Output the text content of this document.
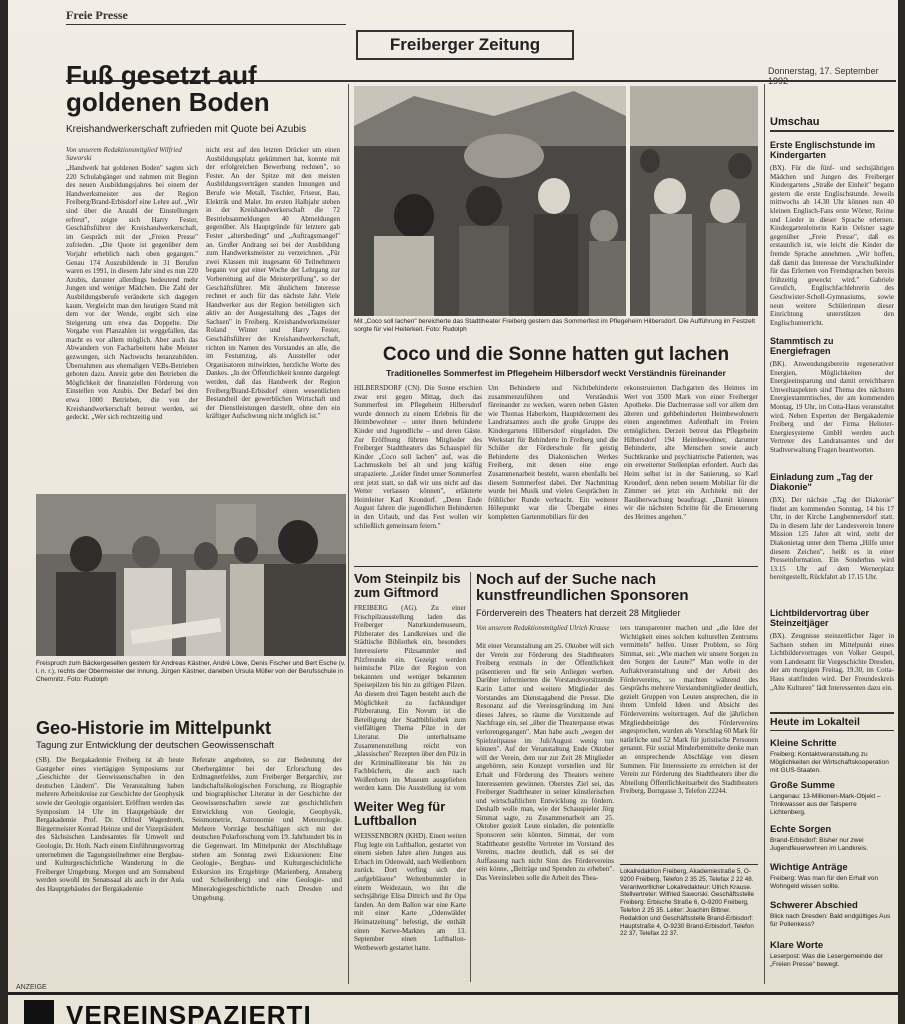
Freie Presse
Freiberger Zeitung
Donnerstag, 17. September
Fuß gesetzt auf goldenen Boden
Kreishandwerkerschaft zufrieden mit Quote bei Azubis
Von unserem Redaktionsmitglied Wilfried Saworski
„Handwerk hat goldenen Boden" sagten sich 220 Schulabgänger und nahmen mit Beginn des neuen Ausbildungsjahres bei einem der Handwerksmeister aus der Region Freiberg/Brand-Erbisdorf eine Lehre auf. „Wir sind über die Anzahl der Einstellungen erfreut", zeigte sich Harry Fester, Geschäftsführer der Kreishandwerkerschaft, im Gespräch mit der „Freien Presse" zufrieden. „Die Quote ist gegenüber dem Vorjahr erheblich nach oben gegangen." Genau 174 Auszubildende in 31 Berufen waren es 1991, in diesem Jahr sind es nun 220 Azubis, darunter allerdings bedeutend mehr Jungen und weniger Mädchen. Die Zahl der Ausbildungsberufe veränderte sich dagegen kaum. Vergleicht man den heutigen Stand mit dem vor der Wende, ergibt sich eine Steigerung um etwa das Doppelte. Die Vorgabe von Planzahlen ist weggefallen, das macht es vor allem möglich. Aber auch das Abwandern von Facharbeitern habe Meister gezwungen, sich Nachwuchs heranzubilden. Übernahmen aus ehemaligen VEBs-Betrieben geboten dazu. Anreiz gebe den Betrieben die Möglichkeit der finanziellen Förderung von Einstellen von Azubis. Der Bedarf bei den etwa 1000 Betrieben, die von der Kreishandwerkerschaft betreut werden, sei gedeckt. „Wer sich rechtzeitig und
nicht erst auf den letzten Drücker um einen Ausbildungsplatz gekümmert hat, konnte mit der erfolgreichen Bewerbung rechnen", so Fester. An der Spitze mit den meisten Ausbildungsverträgen standen Innungen und Berufe wie Metall, Tischler, Friseur, Bau, Elektrik und Maler. Im ersten Halbjahr stehen in der Kreishandwerkerschaft die 72 Bestriebsanmeldungen 40 Abmeldungen gegenüber. Als Hauptgründe für letztere gab Fester „altersbedingt" und „Auftragsmangel" an. Großer Andrang sei bei der Ausbildung zum Handwerksmeister zu verzeichnen. „Für zwei Klassen mit insgesamt 60 Teilnehmern begann vor gut einer Woche der Lehrgang zur Vorbereitung auf die Meisterprüfung", so der Geschäftsführer. Mit ähnlichem Interesse rechnet er auch für das nächste Jahr. Viele Handwerker aus der Region beteiligten sich aktiv an der Ausgestaltung des „Tages der Sachsen" in Freiberg. Kreishandwerksmeister Roland Winter und Harry Fester, Geschäftsführer der Kreishandwerkerschaft, richten im Namen des Vorstandes an alle, die im Festumzug, als Aussteller oder Organisatoren mitwirkten, herzliche Worte des Dankes. „In der Öffentlichkeit konnte dargelegt werden, daß das Handwerk der Region Freiberg/Brand-Erbisdorf einen wesentlichen Bestandteil der gewerblichen Wirtschaft und der Dienstleistungen darstellt, ohne den ein kräftiger Aufschwung nicht möglich ist."
Freispruch zum Bäckergesellen gestern für Andreas Kästner, André Löwe, Denis Fischer und Bert Esche (v. l. n. r.), rechts der Obermeister der Innung, Jürgen Kästner, daneben Ursula Müller von der Berufsschule in Chemnitz. Foto: Rudolph
Geo-Historie im Mittelpunkt
Tagung zur Entwicklung der deutschen Geowissenschaft
(SB). Die Bergakademie Freiberg ist ab heute Gastgeber eines viertägigen Symposiums zur „Geschichte der Geowissenschaften in den deutschen Ländern". Die Veranstaltung haben mehrere Arbeitskreise zur Geschichte der Geophysik sowie der Geologie organisiert. Eröffnen werden das Symposium 14 Uhr im Hauptgebäude der Bergakademie Prof. Dr. Otfried Wagenbreth, Bürgermeister Konrad Heinze und der Vizepräsident des Sächsischen Landesamtes für Umwelt und Geologie, Dr. Hoth. Nach einem Einführungsvortrag unternehmen die Tagungsteilnehmer eine Bergbau- und Kulturgeschichtliche Wanderung in die Freiberger Umgebung. Morgen und am Sonnabend werden sowohl im Senatssaal als auch in der Aula des Hauptgebäudes der Bergakademie
Referate angeboten, so zur Bedeutung der Oberbergämter bei der Erforschung des Erdmagnetfeldes, zum Freiberger Bergarchiv, zur landschaftsökologischen Forschung, zu Biographie und biographischer Literatur in der Geschichte der Geowissenschaften sowie zur geschichtlichen Entwicklung von Geologie, Geophysik, Seismometrie, Astronomie und Meteorologie. Mehrere Vorträge beschäftigen sich mit der deutschen Polarforschung vom 19. Jahrhundert bis in die Gegenwart. Im Mittelpunkt der Abschlußtage stehen am Sonntag zwei Exkursionen: Eine Geologie-, Bergbau- und Kulturgeschichtliche Exkursion ins Erzgebirge (Marienberg, Annaberg und Scheibenberg) und eine Geologie- und Mineralogiegeschichtliche nach Dresden und Umgebung.
Mit „Coco soll lachen" bereicherte das Stadttheater Freiberg gestern das Sommerfest im Pflegeheim Hilbersdorf. Die Aufführung im Festzelt sorgte für viel Heiterkeit. Foto: Rudolph
Coco und die Sonne hatten gut lachen
Traditionelles Sommerfest im Pflegeheim Hilbersdorf weckt Verständnis füreinander
HILBERSDORF (CN). Die Sonne erschien zwar erst gegen Mittag, doch das Sommerfest im Pflegeheim Hilbersdorf wurde dennoch zu einem Erlebnis für die Heimbewohner – unter ihnen behinderte Kinder und Jugendliche – und deren Gäste. Zur Eröffnung führten Mitglieder des Freiberger Stadttheaters das Schauspiel für Kinder „Coco soll lachen" auf, was die Lachmuskeln bei alt und jung kräftig strapazierte. „Leider findet unser Sommerfest erst jetzt statt, so daß wir uns nicht auf das Wetter verlassen können", erläuterte Heimleiter Karl Krondorf. „Denn Ende August fahren die jugendlichen Behinderten in den Urlaub, und das Fest wollen wir schließlich gemeinsam feiern."
Um Behinderte und Nichtbehinderte zusammenzuführen und Verständnis füreinander zu wecken, waren neben Gästen wie Thomas Haberkorn, Hauptdezernent des Landratsamtes auch die große Gruppe des Kindergartens Hilbersdorf eingeladen. Die Werkstatt für Behinderte in Freiberg und die Schüler der Förderschule für geistig Behinderte des Diakonischen Werkes Freiberg, mit denen eine enge Zusammenarbeit besteht, waren ebenfalls bei diesem Sommerfest dabei. Der Nachmittag wurde bei Musik und vielen Gesprächen in fröhlicher Runde verbracht. Ein weiterer Höhepunkt war die Übergabe eines kompletten Gartenmobiliars für den
rekonstruierten Dachgarten des Heimes im Wert von 3500 Mark von einer Freiberger Apotheke. Die Dachterrasse soll vor allem den älteren und gehbehinderten Heimbewohnern einen angenehmen Aufenthalt im Freien ermöglichen. Derzeit betreut das Pflegeheim Hilbersdorf 194 Heimbewohner, darunter Behinderte, alte Menschen sowie auch Suchtkranke und psychiatrische Patienten, was ein erweiterter Stellenplan erfordert. Auch das Heim selbst ist in der Sanierung, so Karl Krondorf, denn neben neuem Mobiliar für die Zimmer sei jetzt ein Architekt mit der Bauüberwachung beauftragt. „Damit können wir die nächsten Schritte für die Erneuerung des Heimes angehen."
Vom Steinpilz bis zum Giftmord
FREIBERG (AG). Zu einer Frischpilzausstellung laden das Freiberger Naturkundemuseum, Pilzberater des Landkreises und die Städtische Bibliothek ein, besonders Interessierte Pilzsammler und Pilzfreunde ein. Gezeigt werden heimische Pilze der Region von bekannten und weniger bekannten Speisepilzen bis hin zu giftigen Pilzen. An diesem drei Tagen besteht auch die Möglichkeit zu fachkundiger Pilzberatung. Ein Novum ist die Beteiligung der Stadtbibliothek zum vielfältigen Thema Pilze in der Literatur. Die unterhaltsame Zusammenstellung reicht von „klassischen" Rezepten über den Pilz in der Kriminalliteratur bis hin zu Fachbüchern, die auch nach Weißenborn im Museum ausgeliehen werden kann. Die Ausstellung ist vom
Weiter Weg für Luftballon
WEISSENBORN (KHD). Einen weiten Flug legte ein Luftballon, gestartet von einem sieben Jahre alten Jungen aus Erbach im Odenwald, nach Weißenborn zurück. Dort verfing sich der „aufgebläsene" Weltenbummler in einem Weidezaun, wo ihn die sechsjährige Elisa Dittrich und ihr Opa fanden. An dem Ballon war eine Karte mit einer Karte „Odenwälder Heimatzeitung" befestigt, die enthält einen Kerwe-Marktes am 13. September einen Luftballon-Wettbewerb gestartet hatte.
Noch auf der Suche nach kunstfreundlichen Sponsoren
Förderverein des Theaters hat derzeit 28 Mitglieder
Von unserem Redaktionsmitglied Ulrich Krause
Mit einer Veranstaltung am 25. Oktober will sich der Verein zur Förderung des Stadttheaters Freiberg erstmals in der Öffentlichkeit präsentieren und für sein Anliegen werben. Darüber informierten die Vorstandsvorsitzende Karin Lutter und weitere Mitglieder des Vorstandes am Dienstagabend die Presse. Die Resonanz auf die Vereinsgründung im Juni dieses Jahres, so räume die Vorsitzende auf Nachfrage ein, sei „über die Theaterpause etwas verlorengegangen". Man habe auch „wegen der Spielzeitpause im Juli/August wenig tun können". Auf der Veranstaltung Ende Oktober will der Verein, dem nur zur Zeit 28 Mitglieder angehören, sein Konzept vorstellen und für Erhalt und Förderung des Theaters weitere Interessenten gewinnen. Oberstes Ziel sei, das Freiberger Stadttheater in seiner künstlerischen und wirtschaftlichen Entwicklung zu fördern. Deshalb wolle man, wie der Schauspieler Jörg Simmat sagte, zu Zusammenarbeit am 25. Oktober gezielt Leute einladen, die potentielle Sponsoren sein könnten. Simmat, der vom Stadttheater gestellte Vertreter im Vorstand des Vereins, machte deutlich, daß es sei der Auffassung nach nicht Sinn des Fördervereins sein könne, „Beiträge und Spenden zu erheben". Das Vereinsleben solle die Arbeit des Thea-
ters transparenter machen und „die Idee der Wichtigkeit eines solchen kulturellen Zentrums vermitteln" helfen. Unser Problem, so Jörg Simmat, sei: „Wie machen wir unsere Sorgen zu den Sorgen der Leute?" Man wolle in der Auftaktveranstaltung und der Arbeit des Fördervereins, so machten während des Gesprächs mehrere Vorstandsmitglieder deutlich, gezielt Gruppen von Leuten ansprechen, die in ihrem Umfeld Ideen und Absicht des Fördervereins weitertragen. Auf die jährlichen Mitgliedsbeiträge des Fördervereins angesprochen, wurden als Vorschlag 60 Mark für natürliche und 52 Mark für juristische Personen genannt. Für sozial Minderbemittelte denke man an entsprechende Abschläge von diesen Summen. Für Interessierte zu erreichen ist der Verein zur Förderung des Stadttheaters über die Abteilung Öffentlichkeitsarbeit des Stadttheaters Freiberg, Borngasse 3, Telefon 22244.
Lokalredaktion Freiberg, Akademiestraße 5, O-9200 Freiberg, Telefon 2 35 25, Telefax 2 22 48. Verantwortlicher Lokalredakteur: Ulrich Krause. Stellvertreter: Wilfried Saworski. Geschäftsstelle Freiberg: Erbische Straße 6, O-9200 Freiberg, Telefon 2 25 35. Leiter: Joachim Bittner. Redaktion und Geschäftsstelle Brand-Erbisdorf: Hauptstraße 4, O-9230 Brand-Erbisdorf, Telefon 22 37, Telefax 22 37.
Umschau
Erste Englischstunde im Kindergarten
(BX). Für die fünf- und sechsjährigen Mädchen und Jungen des Freiberger Kindergartens „Straße der Einheit" begann gestern die erste Englischstunde. Jeweils mittwochs ab 14.30 Uhr können nun 40 kleinen Englisch-Fans erste Wörter, Reime und Lieder in dieser Sprache erlernen. Kindergartenleiterin Karin Oelsner sagte gegenüber „Freie Presse", daß es erstaunlich ist, wie leicht die Kinder die fremde Sprache annehmen. „Wir hoffen, daß damit das Interesse der Vorschulkinder für das Erlernen von Fremdsprachen bereits frühzeitig geweckt wird." Gabriele Greulich, Englischfachlehrerin des Geschwister-Scholl-Gymnasiums, sowie neun weitere Schülerinnen dieser Einrichtung unterstützen den Englischunterricht.
Stammtisch zu Energiefragen
(BK). Anwendungsbereite regenerativer Energien, Möglichkeiten der Energieeinsparung und damit erreichbaren Umweltaspekten sind Thema des nächsten Energiestammtisches, der am kommenden Montag, 19 Uhr, im Cotta-Haus veranstaltet wird. Neben Experten der Bergakademie Freiberg und der Firma Helioter-Energiesysteme GmbH werden auch Vertreter des Landratsamtes und der Stadtverwaltung Fragen beantworten.
Einladung zum „Tag der Diakonie"
(BX). Der nächste „Tag der Diakonie" findet am kommenden Sonntag, 14 bis 17 Uhr, in der Kirche Langhennersdorf statt. Da in diesem Jahr der Landesverein Innere Mission 125 Jahre alt wird, steht der Diakonietag unter dem Thema „Hilfe unter diesem Zeichen", heißt es in einer Presseinformation. Ein Sonderbus wird 13.15 Uhr auf dem Wernerplatz bereitgestellt, Rückfahrt ab 17.15 Uhr.
Lichtbildervortrag über Steinzeitjäger
(BX). Zeugnisse steinzeitlicher Jäger in Sachsen stehen im Mittelpunkt eines Lichtbildervortrages von Volker Geupel, vom Landesamt für Vorgeschichte Dresden, der am morgigen Freitag, 19.30, im Cotta-Haus stattfinden wird. Der Freundeskreis „Alte Kulturen" lädt Interessenten dazu ein.
Heute im Lokalteil
Kleine Schritte
Freiberg: Kontaktveranstaltung zu Möglichkeiten der Wirtschaftskooperation mit GUS-Staaten.
Große Summe
Langenau: 13-Millionen-Mark-Objekt – Trinkwasser aus der Talsperre Lichtenberg.
Echte Sorgen
Brand-Erbisdorf: Bisher nur zwei Jugendfeuerwehren im Landkreis.
Wichtige Anträge
Freiberg: Was man für den Erhalt von Wohngeld wissen sollte.
Schwerer Abschied
Blick nach Dresden: Bald endgültiges Aus für Pollenkess?
Klare Worte
Leserpost: Was die Lesergemeinde der „Freien Presse" bewegt.
ANZEIGE
VEREINSPAZIERTI
